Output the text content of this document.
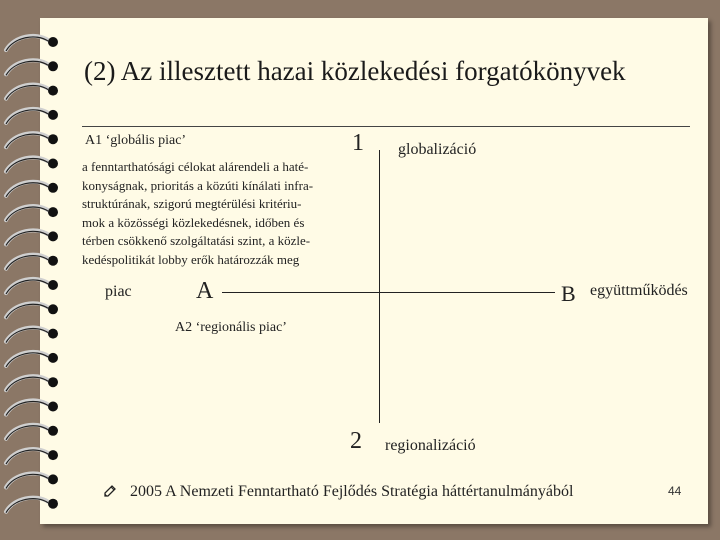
(2) Az illesztett hazai közlekedési forgatókönyvek
A1 ‘globális piac’
a fenntarthatósági célokat alárendeli a haté-
konyságnak, prioritás a közúti kínálati infra-
struktúrának, szigorú megtérülési kritériu-
mok a közösségi közlekedésnek, időben és
térben csökkenő szolgáltatási szint, a közle-
kedéspolitikát lobby erők határozzák meg
1 globalizáció
piac	A	B együttműködés
A2 ‘regionális piac’
2 regionalizáció
2005 A Nemzeti Fenntartható Fejlődés Stratégia háttértanulmányából	44
